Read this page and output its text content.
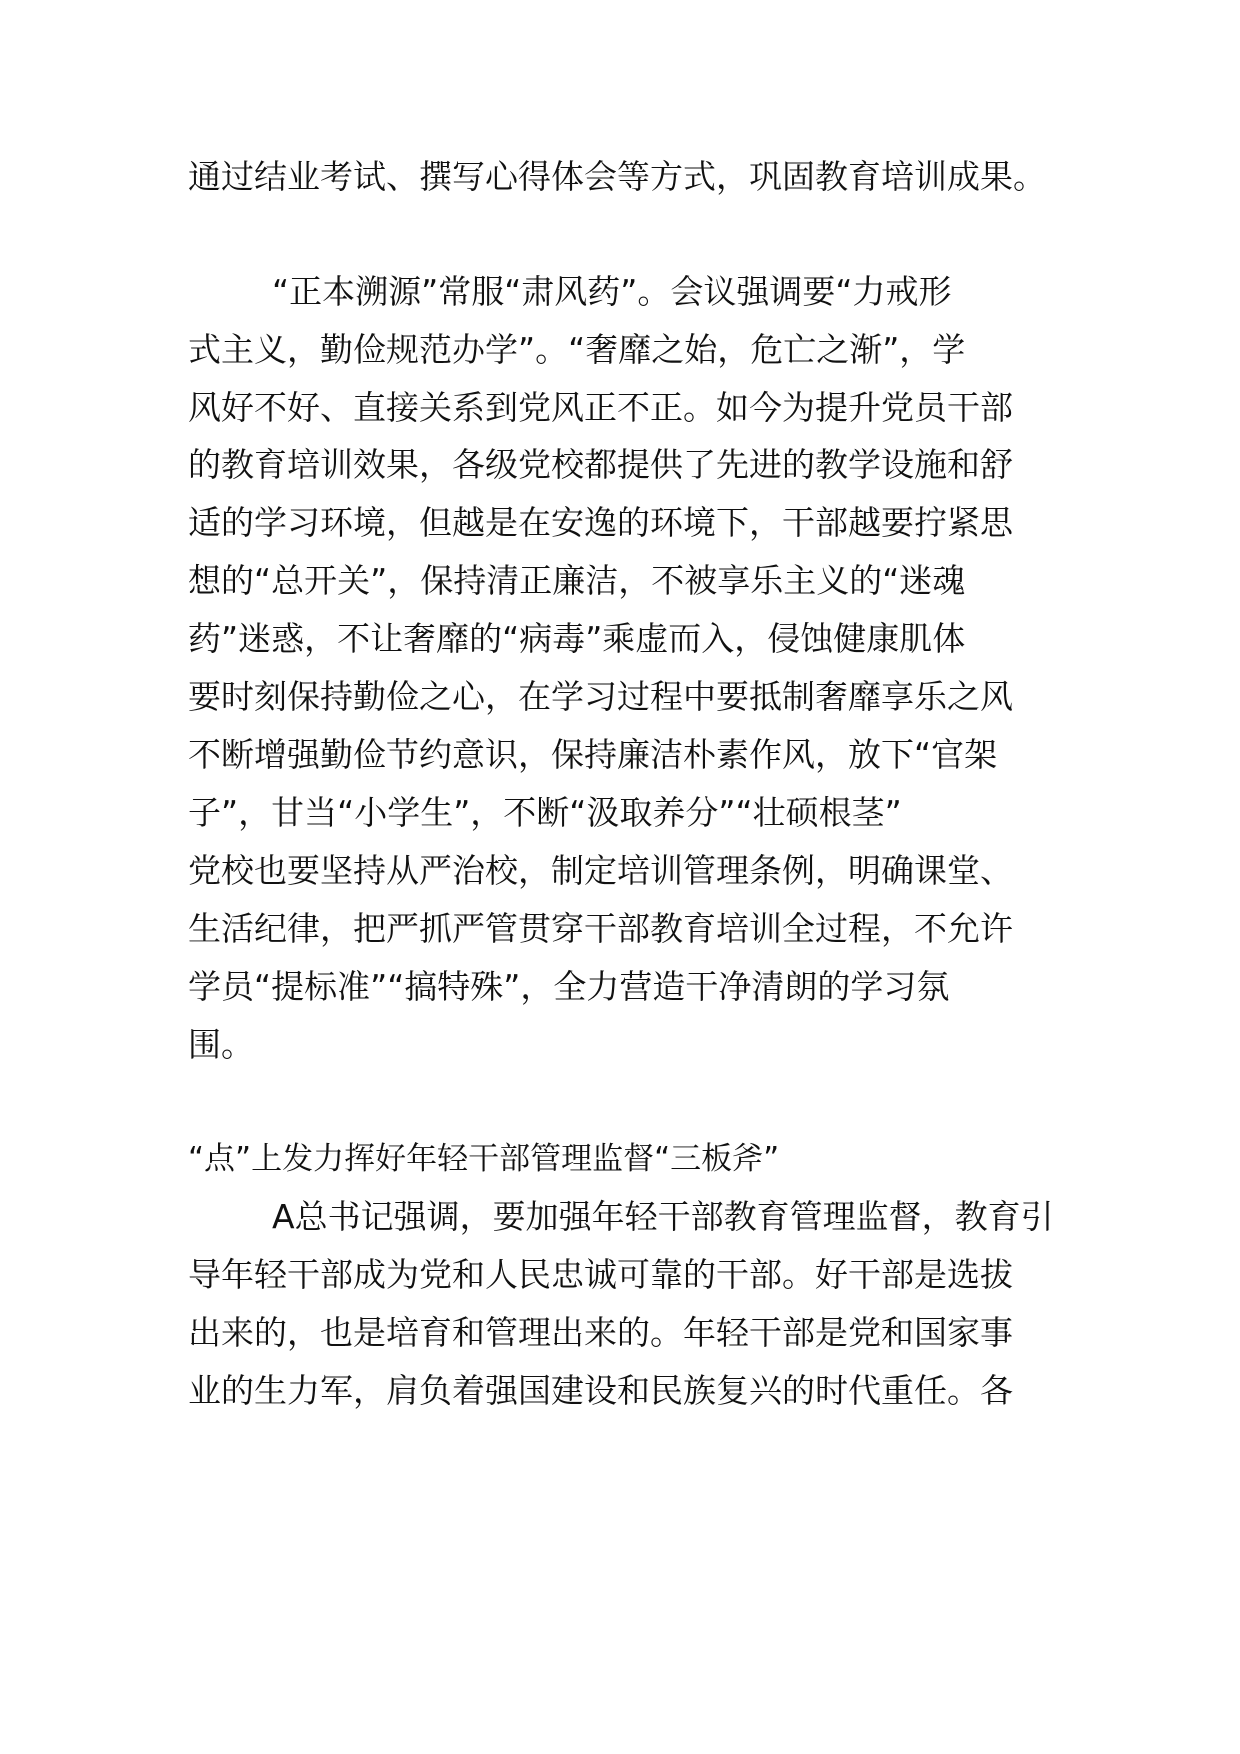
通过结业考试、撰写心得体会等方式，巩固教育培训成果。
“正本溯源”常服“肃风药”。会议强调要“力戒形
式主义，勤俭规范办学”。“奢靡之始，危亡之渐”，学
风好不好、直接关系到党风正不正。如今为提升党员干部
的教育培训效果，各级党校都提供了先进的教学设施和舒
适的学习环境，但越是在安逸的环境下，干部越要拧紧思
想的“总开关”，保持清正廉洁，不被享乐主义的“迷魂
药”迷惑，不让奢靡的“病毒”乘虚而入，侵蚀健康肌体
要时刻保持勤俭之心，在学习过程中要抵制奢靡享乐之风
不断增强勤俭节约意识，保持廉洁朴素作风，放下“官架
子”，甘当“小学生”，不断“汲取养分”“壮硕根茎”
党校也要坚持从严治校，制定培训管理条例，明确课堂、
生活纪律，把严抓严管贯穿干部教育培训全过程，不允许
学员“提标准”“搞特殊”，全力营造干净清朗的学习氛
围。
“点”上发力挥好年轻干部管理监督“三板斧”
A总书记强调，要加强年轻干部教育管理监督，教育引
导年轻干部成为党和人民忠诚可靠的干部。好干部是选拔
出来的，也是培育和管理出来的。年轻干部是党和国家事
业的生力军，肩负着强国建设和民族复兴的时代重任。各
